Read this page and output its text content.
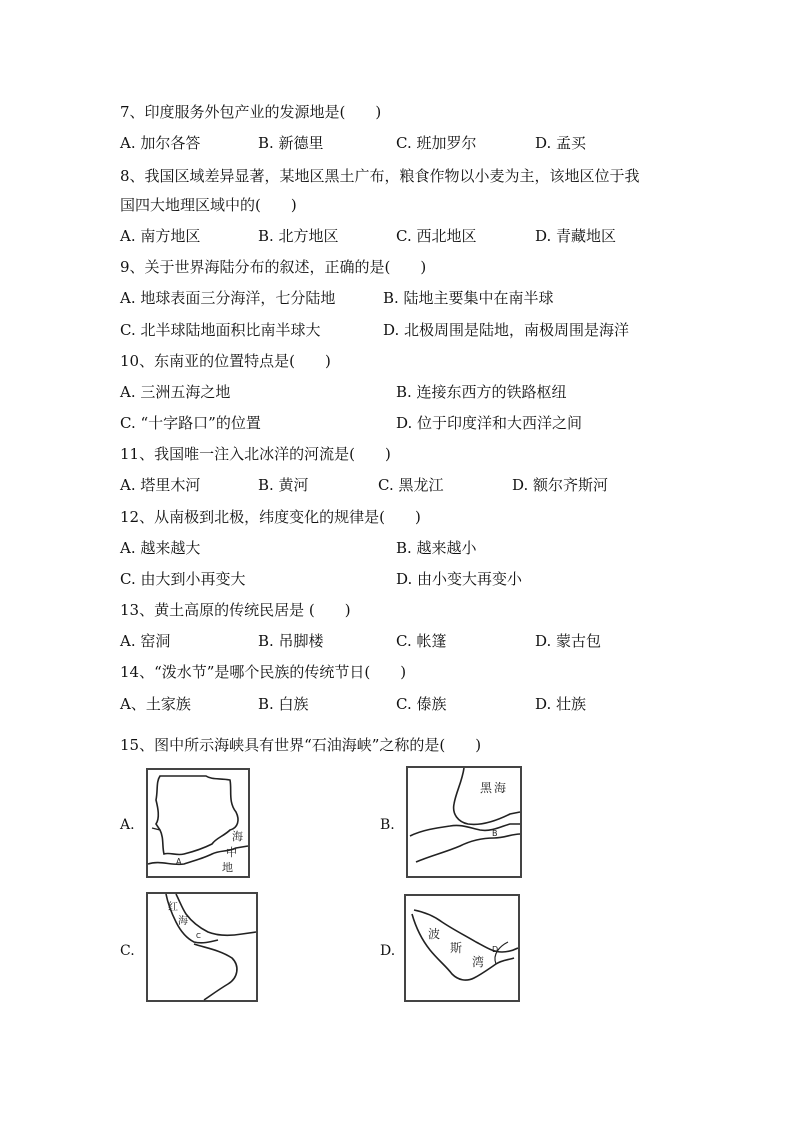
7、印度服务外包产业的发源地是(　　)
A. 加尔各答	B. 新德里	C. 班加罗尔	D. 孟买
8、我国区域差异显著，某地区黑土广布，粮食作物以小麦为主，该地区位于我
国四大地理区域中的(　　)
A. 南方地区	B. 北方地区	C. 西北地区	D. 青藏地区
9、关于世界海陆分布的叙述，正确的是(　　)
A. 地球表面三分海洋，七分陆地	B. 陆地主要集中在南半球
C. 北半球陆地面积比南半球大	D. 北极周围是陆地，南极周围是海洋
10、东南亚的位置特点是(　　)
A. 三洲五海之地	B. 连接东西方的铁路枢纽
C. “十字路口”的位置	D. 位于印度洋和大西洋之间
11、我国唯一注入北冰洋的河流是(　　)
A. 塔里木河	B. 黄河	C. 黑龙江	D. 额尔齐斯河
12、从南极到北极，纬度变化的规律是(　　)
A. 越来越大	B. 越来越小
C. 由大到小再变大	D. 由小变大再变小
13、黄土高原的传统民居是 (　　)
A. 窑洞	B. 吊脚楼	C. 帐篷	D. 蒙古包
14、“泼水节”是哪个民族的传统节日(　　)
A、土家族	B. 白族	C. 傣族	D. 壮族
15、图中所示海峡具有世界“石油海峡”之称的是(　　)
A.
海
中
地
A
B.
黑 海
B
C.
红
海
C
D.
波
斯
湾
D
